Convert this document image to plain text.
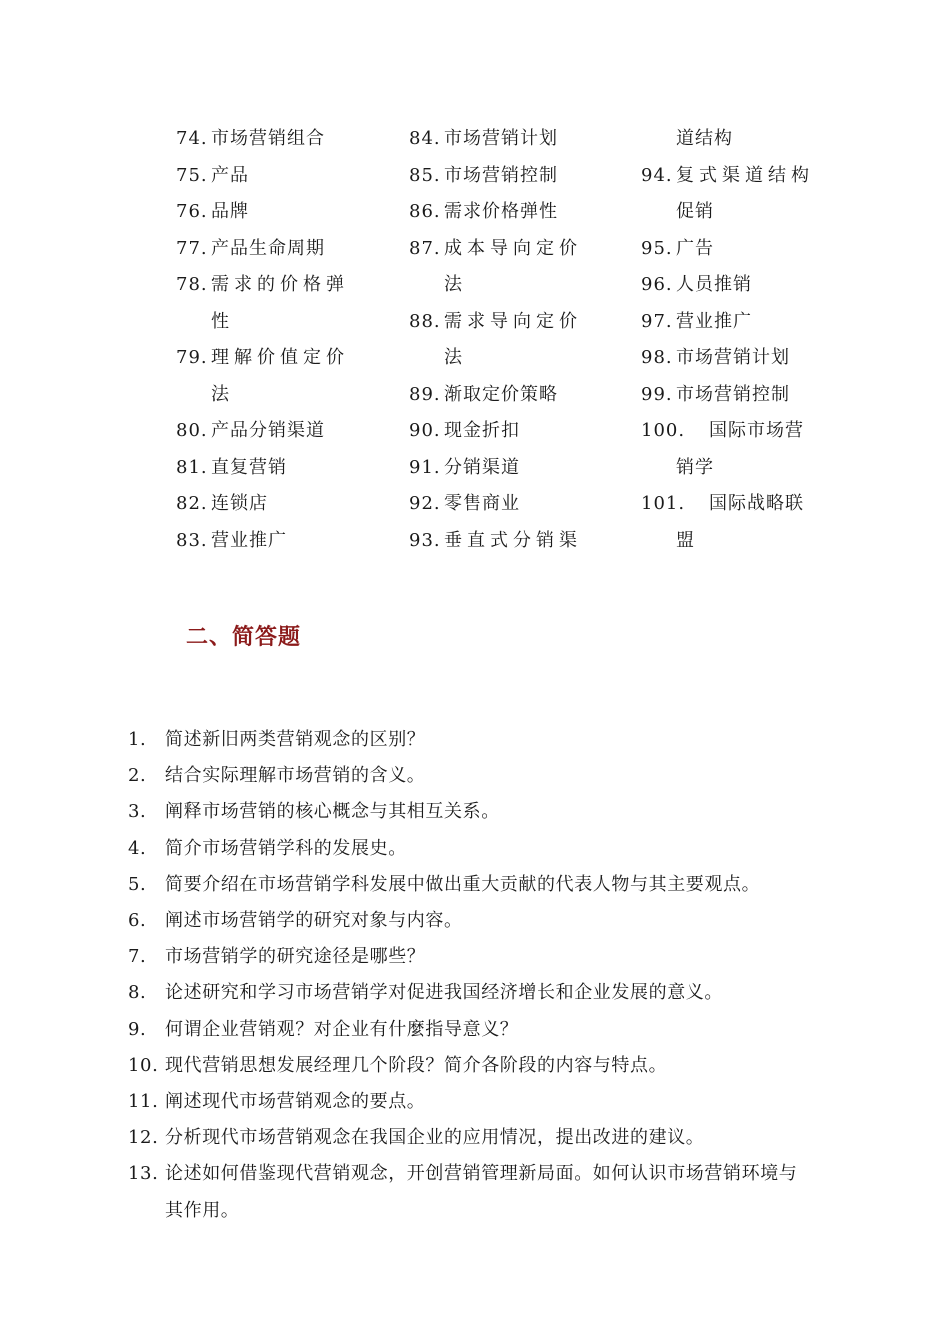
74. 市场营销组合
75. 产品
76. 品牌
77. 产品生命周期
78. 需求的价格弹
性
79. 理解价值定价
法
80. 产品分销渠道
81. 直复营销
82. 连锁店
83. 营业推广
84. 市场营销计划
85. 市场营销控制
86. 需求价格弹性
87. 成本导向定价
法
88. 需求导向定价
法
89. 渐取定价策略
90. 现金折扣
91. 分销渠道
92. 零售商业
93. 垂直式分销渠
道结构
94. 复式渠道结构
促销
95. 广告
96. 人员推销
97. 营业推广
98. 市场营销计划
99. 市场营销控制
100.	国际市场营
销学
101.	国际战略联
盟
二、简答题
1.	简述新旧两类营销观念的区别？
2.	结合实际理解市场营销的含义。
3.	阐释市场营销的核心概念与其相互关系。
4.	简介市场营销学科的发展史。
5.	简要介绍在市场营销学科发展中做出重大贡献的代表人物与其主要观点。
6.	阐述市场营销学的研究对象与内容。
7.	市场营销学的研究途径是哪些？
8.	论述研究和学习市场营销学对促进我国经济增长和企业发展的意义。
9.	何谓企业营销观？对企业有什麼指导意义？
10. 现代营销思想发展经理几个阶段？简介各阶段的内容与特点。
11. 阐述现代市场营销观念的要点。
12. 分析现代市场营销观念在我国企业的应用情况，提出改进的建议。
13. 论述如何借鉴现代营销观念，开创营销管理新局面。如何认识市场营销环境与其作用。
